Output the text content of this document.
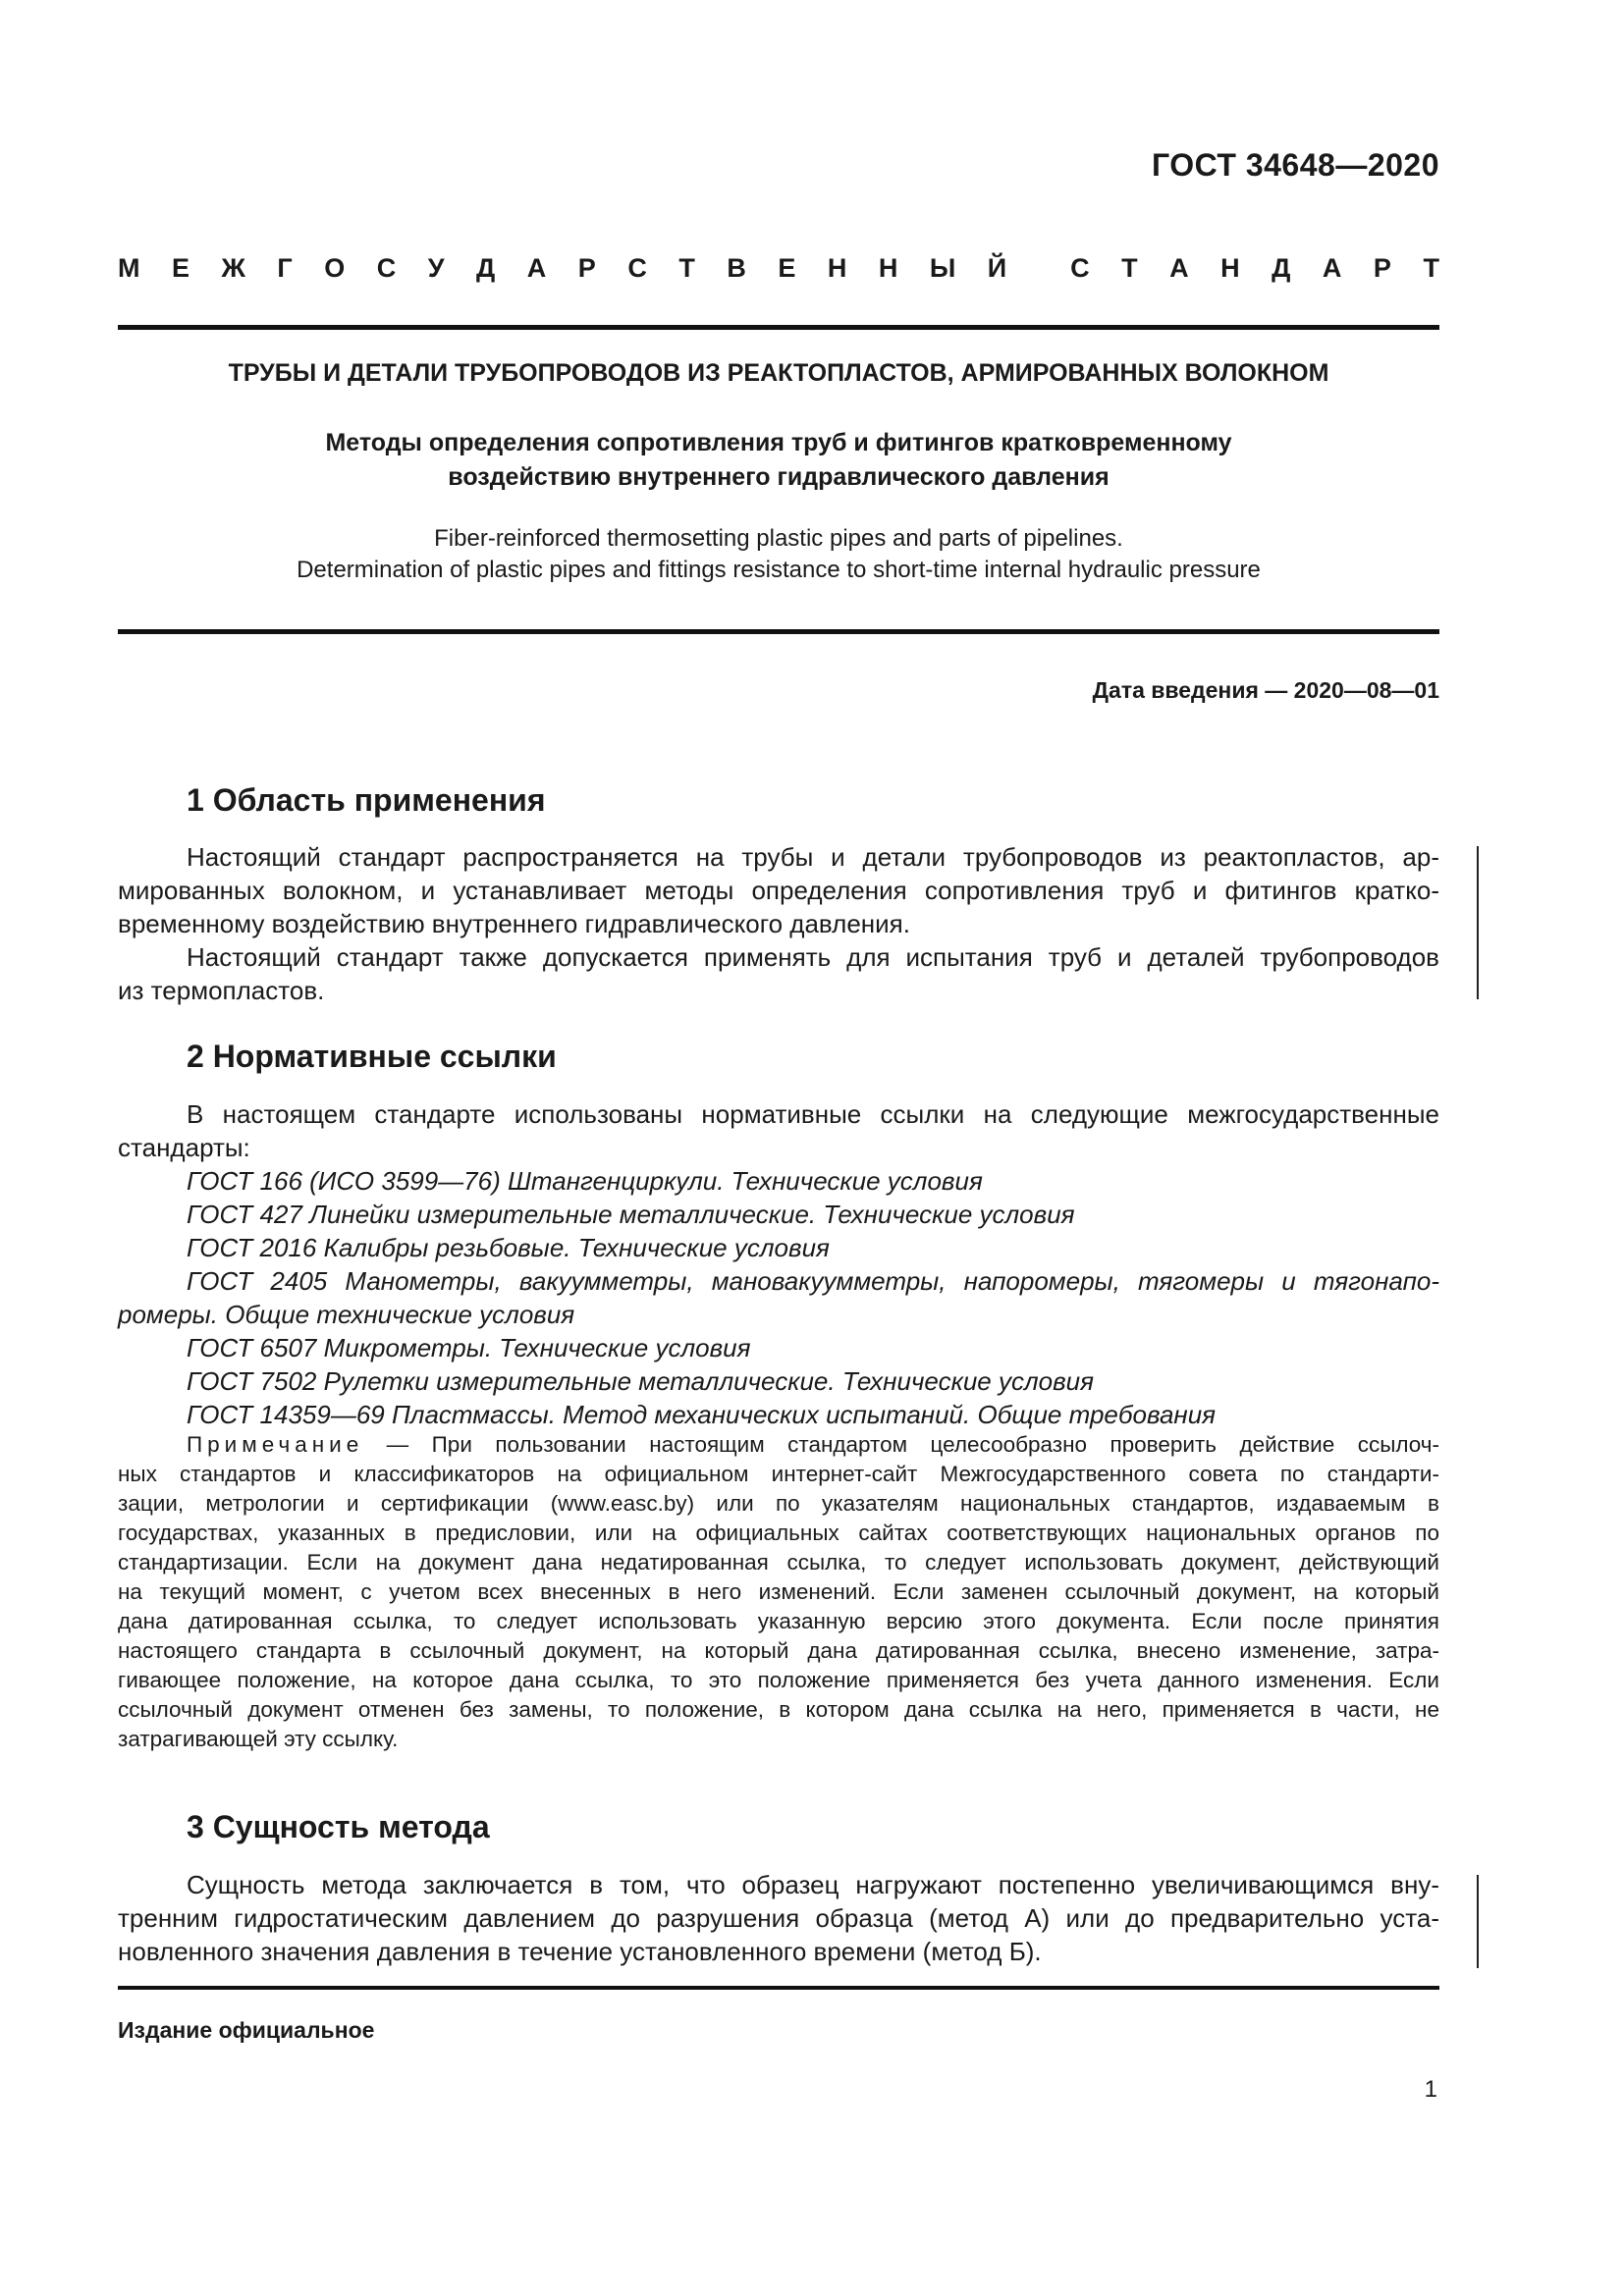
ГОСТ 34648—2020
М Е Ж Г О С У Д А Р С Т В Е Н Н Ы Й С Т А Н Д А Р Т
ТРУБЫ И ДЕТАЛИ ТРУБОПРОВОДОВ ИЗ РЕАКТОПЛАСТОВ, АРМИРОВАННЫХ ВОЛОКНОМ
Методы определения сопротивления труб и фитингов кратковременному
воздействию внутреннего гидравлического давления
Fiber-reinforced thermosetting plastic pipes and parts of pipelines.
Determination of plastic pipes and fittings resistance to short-time internal hydraulic pressure
Дата введения — 2020—08—01
1 Область применения
Настоящий стандарт распространяется на трубы и детали трубопроводов из реактопластов, ар-
мированных волокном, и устанавливает методы определения сопротивления труб и фитингов кратко-
временному воздействию внутреннего гидравлического давления.
Настоящий стандарт также допускается применять для испытания труб и деталей трубопроводов
из термопластов.
2 Нормативные ссылки
В настоящем стандарте использованы нормативные ссылки на следующие межгосударственные
стандарты:
ГОСТ 166 (ИСО 3599—76) Штангенциркули. Технические условия
ГОСТ 427 Линейки измерительные металлические. Технические условия
ГОСТ 2016 Калибры резьбовые. Технические условия
ГОСТ 2405 Манометры, вакуумметры, мановакуумметры, напоромеры, тягомеры и тягонапо-
ромеры. Общие технические условия
ГОСТ 6507 Микрометры. Технические условия
ГОСТ 7502 Рулетки измерительные металлические. Технические условия
ГОСТ 14359—69 Пластмассы. Метод механических испытаний. Общие требования
Примечание — При пользовании настоящим стандартом целесообразно проверить действие ссылоч-
ных стандартов и классификаторов на официальном интернет-сайт Межгосударственного совета по стандарти-
зации, метрологии и сертификации (www.easc.by) или по указателям национальных стандартов, издаваемым в
государствах, указанных в предисловии, или на официальных сайтах соответствующих национальных органов по
стандартизации. Если на документ дана недатированная ссылка, то следует использовать документ, действующий
на текущий момент, с учетом всех внесенных в него изменений. Если заменен ссылочный документ, на который
дана датированная ссылка, то следует использовать указанную версию этого документа. Если после принятия
настоящего стандарта в ссылочный документ, на который дана датированная ссылка, внесено изменение, затра-
гивающее положение, на которое дана ссылка, то это положение применяется без учета данного изменения. Если
ссылочный документ отменен без замены, то положение, в котором дана ссылка на него, применяется в части, не
затрагивающей эту ссылку.
3 Сущность метода
Сущность метода заключается в том, что образец нагружают постепенно увеличивающимся вну-
тренним гидростатическим давлением до разрушения образца (метод А) или до предварительно уста-
новленного значения давления в течение установленного времени (метод Б).
Издание официальное
1
